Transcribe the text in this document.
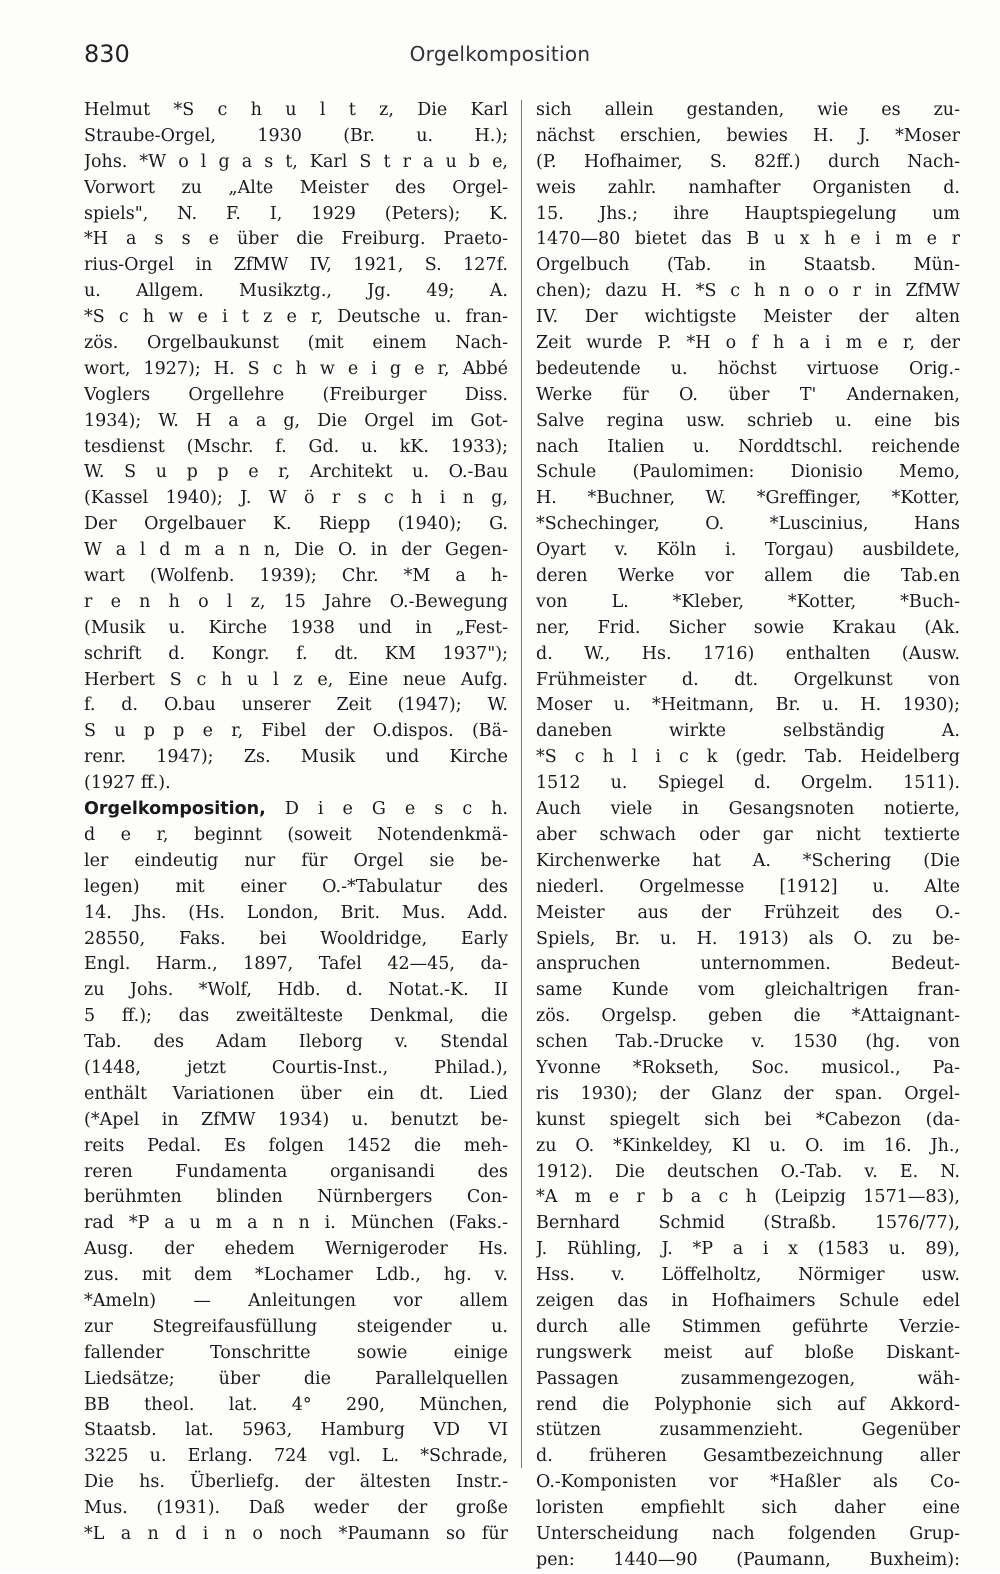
830	Orgelkomposition
Helmut *S c h u l t z, Die Karl
Straube-Orgel, 1930 (Br. u. H.);
Johs. *W o l g a s t, Karl S t r a u b e,
Vorwort zu „Alte Meister des Orgel-
spiels", N. F. I, 1929 (Peters); K.
*H a s s e über die Freiburg. Praeto-
rius-Orgel in ZfMW IV, 1921, S. 127f.
u. Allgem. Musikztg., Jg. 49; A.
*S c h w e i t z e r, Deutsche u. fran-
zös. Orgelbaukunst (mit einem Nach-
wort, 1927); H. S c h w e i g e r, Abbé
Voglers Orgellehre (Freiburger Diss.
1934); W. H a a g, Die Orgel im Got-
tesdienst (Mschr. f. Gd. u. kK. 1933);
W. S u p p e r, Architekt u. O.-Bau
(Kassel 1940); J. W ö r s c h i n g,
Der Orgelbauer K. Riepp (1940); G.
W a l d m a n n, Die O. in der Gegen-
wart (Wolfenb. 1939); Chr. *M a h-
r e n h o l z, 15 Jahre O.-Bewegung
(Musik u. Kirche 1938 und in „Fest-
schrift d. Kongr. f. dt. KM 1937");
Herbert S c h u l z e, Eine neue Aufg.
f. d. O.bau unserer Zeit (1947); W.
S u p p e r, Fibel der O.dispos. (Bä-
renr. 1947); Zs. Musik und Kirche
(1927 ff.).
Orgelkomposition, D i e G e s c h.
d e r, beginnt (soweit Notendenkmä-
ler eindeutig nur für Orgel sie be-
legen) mit einer O.-*Tabulatur des
14. Jhs. (Hs. London, Brit. Mus. Add.
28550, Faks. bei Wooldridge, Early
Engl. Harm., 1897, Tafel 42—45, da-
zu Johs. *Wolf, Hdb. d. Notat.-K. II
5 ff.); das zweitälteste Denkmal, die
Tab. des Adam Ileborg v. Stendal
(1448, jetzt Courtis-Inst., Philad.),
enthält Variationen über ein dt. Lied
(*Apel in ZfMW 1934) u. benutzt be-
reits Pedal. Es folgen 1452 die meh-
reren Fundamenta organisandi des
berühmten blinden Nürnbergers Con-
rad *P a u m a n n i. München (Faks.-
Ausg. der ehedem Wernigeroder Hs.
zus. mit dem *Lochamer Ldb., hg. v.
*Ameln) — Anleitungen vor allem
zur Stegreifausfüllung steigender u.
fallender Tonschritte sowie einige
Liedsätze; über die Parallelquellen
BB theol. lat. 4° 290, München,
Staatsb. lat. 5963, Hamburg VD VI
3225 u. Erlang. 724 vgl. L. *Schrade,
Die hs. Überliefg. der ältesten Instr.-
Mus. (1931). Daß weder der große
*L a n d i n o noch *Paumann so für
sich allein gestanden, wie es zu-
nächst erschien, bewies H. J. *Moser
(P. Hofhaimer, S. 82ff.) durch Nach-
weis zahlr. namhafter Organisten d.
15. Jhs.; ihre Hauptspiegelung um
1470—80 bietet das B u x h e i m e r
Orgelbuch (Tab. in Staatsb. Mün-
chen); dazu H. *S c h n o o r in ZfMW
IV. Der wichtigste Meister der alten
Zeit wurde P. *H o f h a i m e r, der
bedeutende u. höchst virtuose Orig.-
Werke für O. über T' Andernaken,
Salve regina usw. schrieb u. eine bis
nach Italien u. Norddtschl. reichende
Schule (Paulomimen: Dionisio Memo,
H. *Buchner, W. *Greffinger, *Kotter,
*Schechinger, O. *Luscinius, Hans
Oyart v. Köln i. Torgau) ausbildete,
deren Werke vor allem die Tab.en
von L. *Kleber, *Kotter, *Buch-
ner, Frid. Sicher sowie Krakau (Ak.
d. W., Hs. 1716) enthalten (Ausw.
Frühmeister d. dt. Orgelkunst von
Moser u. *Heitmann, Br. u. H. 1930);
daneben wirkte selbständig A.
*S c h l i c k (gedr. Tab. Heidelberg
1512 u. Spiegel d. Orgelm. 1511).
Auch viele in Gesangsnoten notierte,
aber schwach oder gar nicht textierte
Kirchenwerke hat A. *Schering (Die
niederl. Orgelmesse [1912] u. Alte
Meister aus der Frühzeit des O.-
Spiels, Br. u. H. 1913) als O. zu be-
anspruchen unternommen. Bedeut-
same Kunde vom gleichaltrigen fran-
zös. Orgelsp. geben die *Attaignant-
schen Tab.-Drucke v. 1530 (hg. von
Yvonne *Rokseth, Soc. musicol., Pa-
ris 1930); der Glanz der span. Orgel-
kunst spiegelt sich bei *Cabezon (da-
zu O. *Kinkeldey, Kl u. O. im 16. Jh.,
1912). Die deutschen O.-Tab. v. E. N.
*A m e r b a c h (Leipzig 1571—83),
Bernhard Schmid (Straßb. 1576/77),
J. Rühling, J. *P a i x (1583 u. 89),
Hss. v. Löffelholtz, Nörmiger usw.
zeigen das in Hofhaimers Schule edel
durch alle Stimmen geführte Verzie-
rungswerk meist auf bloße Diskant-
Passagen zusammengezogen, wäh-
rend die Polyphonie sich auf Akkord-
stützen zusammenzieht. Gegenüber
d. früheren Gesamtbezeichnung aller
O.-Komponisten vor *Haßler als Co-
loristen empfiehlt sich daher eine
Unterscheidung nach folgenden Grup-
pen: 1440—90 (Paumann, Buxheim):
